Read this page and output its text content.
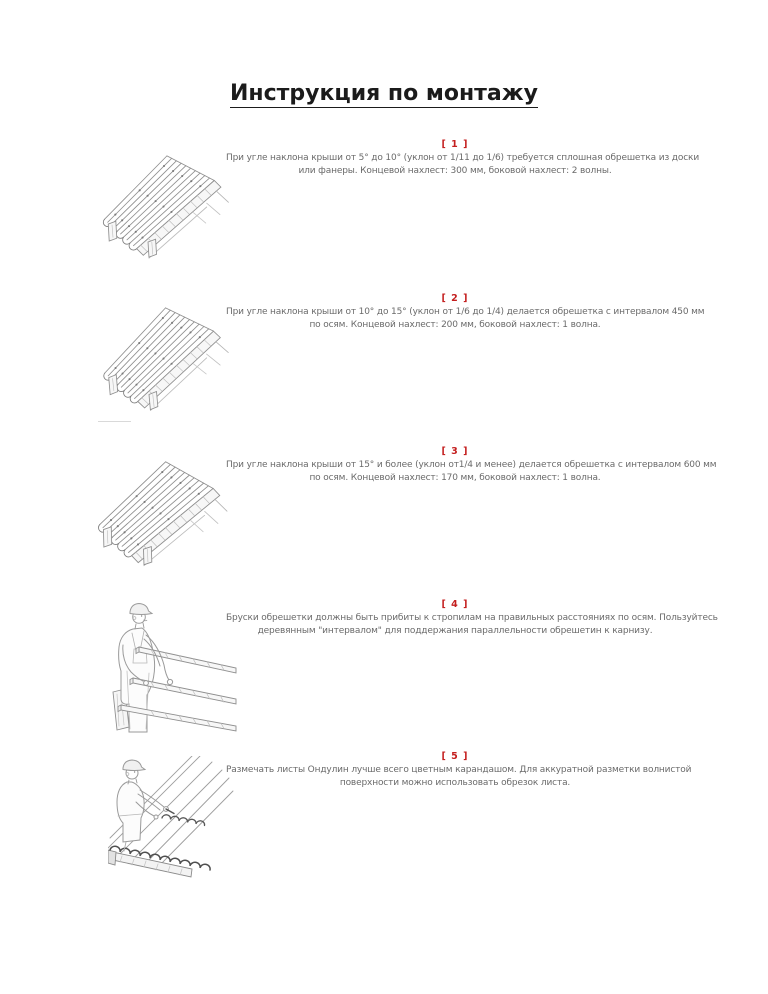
Инструкция по монтажу
[ 1 ]
При угле наклона крыши от 5° до 10° (уклон от 1/11 до 1/6) требуется сплошная обрешетка из доски
или фанеры. Концевой нахлест: 300 мм, боковой нахлест: 2 волны.
[ 2 ]
При угле наклона крыши от 10° до 15° (уклон от 1/6 до 1/4) делается обрешетка с интервалом 450 мм
по осям. Концевой нахлест: 200 мм, боковой нахлест: 1 волна.
[ 3 ]
При угле наклона крыши от 15° и более (уклон от1/4 и менее) делается обрешетка с интервалом 600 мм
по осям. Концевой нахлест: 170 мм, боковой нахлест: 1 волна.
[ 4 ]
Бруски обрешетки должны быть прибиты к стропилам на правильных расстояниях по осям. Пользуйтесь
деревянным "интервалом" для поддержания параллельности обрешетин к карнизу.
[ 5 ]
Размечать листы Ондулин лучше всего цветным карандашом. Для аккуратной разметки волнистой
поверхности можно использовать обрезок листа.
